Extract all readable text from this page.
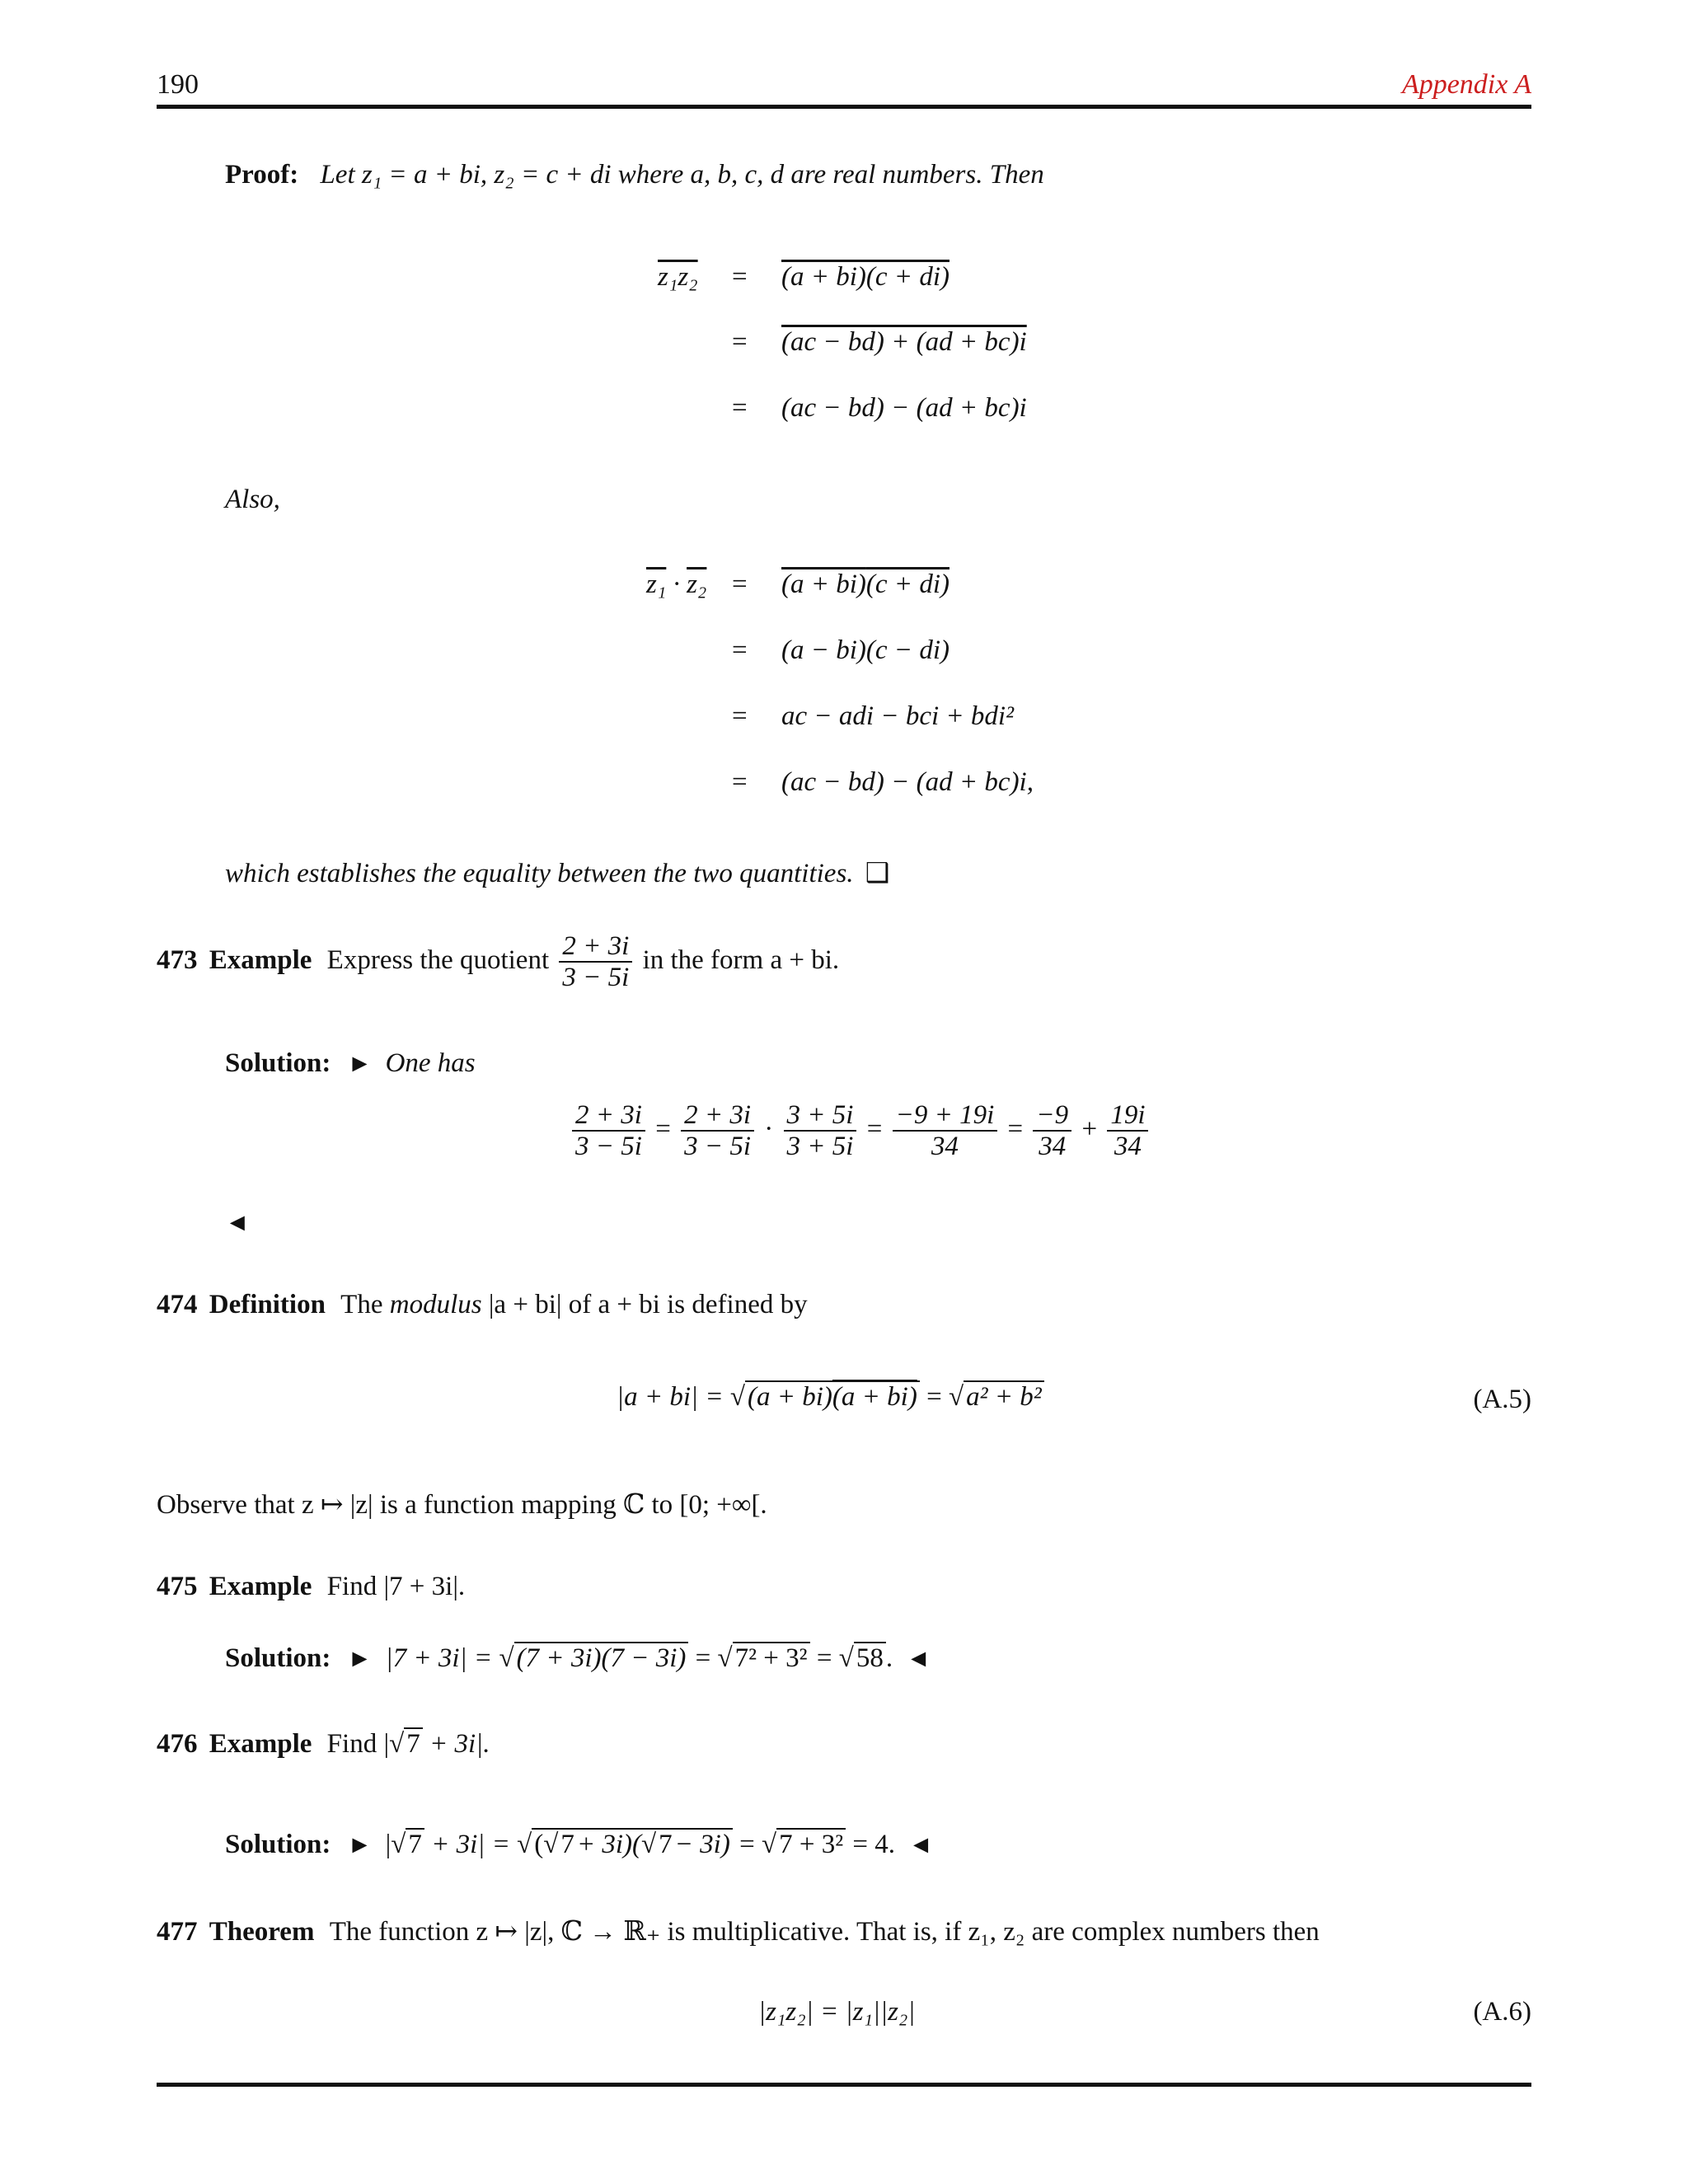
190	Appendix A
Proof: Let z₁ = a + bi, z₂ = c + di where a, b, c, d are real numbers. Then
z₁z₂ = (a + bi)(c + di)
= (ac − bd) + (ad + bc)i
= (ac − bd) − (ad + bc)i
Also,
z₁ · z₂ = (a + bi)(c + di)
= (a − bi)(c − di)
= ac − adi − bci + bdi²
= (ac − bd) − (ad + bc)i,
which establishes the equality between the two quantities. ❑
473 Example Express the quotient $\frac{2 + 3i}{3 - 5i}$ in the form a + bi.
Solution: ► One has
$\frac{2 + 3i}{3 - 5i} = \frac{2 + 3i}{3 - 5i} \cdot \frac{3 + 5i}{3 + 5i} = \frac{-9 + 19i}{34} = \frac{-9}{34} + \frac{19i}{34}$
◄
474 Definition The modulus |a + bi| of a + bi is defined by
|a + bi| = √(a + bi)(a + bi) = √a² + b²	(A.5)
Observe that z ↦ |z| is a function mapping ℂ to [0; +∞[.
475 Example Find |7 + 3i|.
Solution: ► |7 + 3i| = √(7 + 3i)(7 − 3i) = √7² + 3² = √58. ◄
476 Example Find |√7 + 3i|.
Solution: ► |√7 + 3i| = √(√7+ 3i)(√7− 3i) = √7 + 3² = 4. ◄
477 Theorem The function z ↦ |z|, ℂ → ℝ₊ is multiplicative. That is, if z₁, z₂ are complex numbers then
|z₁z₂| = |z₁||z₂|	(A.6)
